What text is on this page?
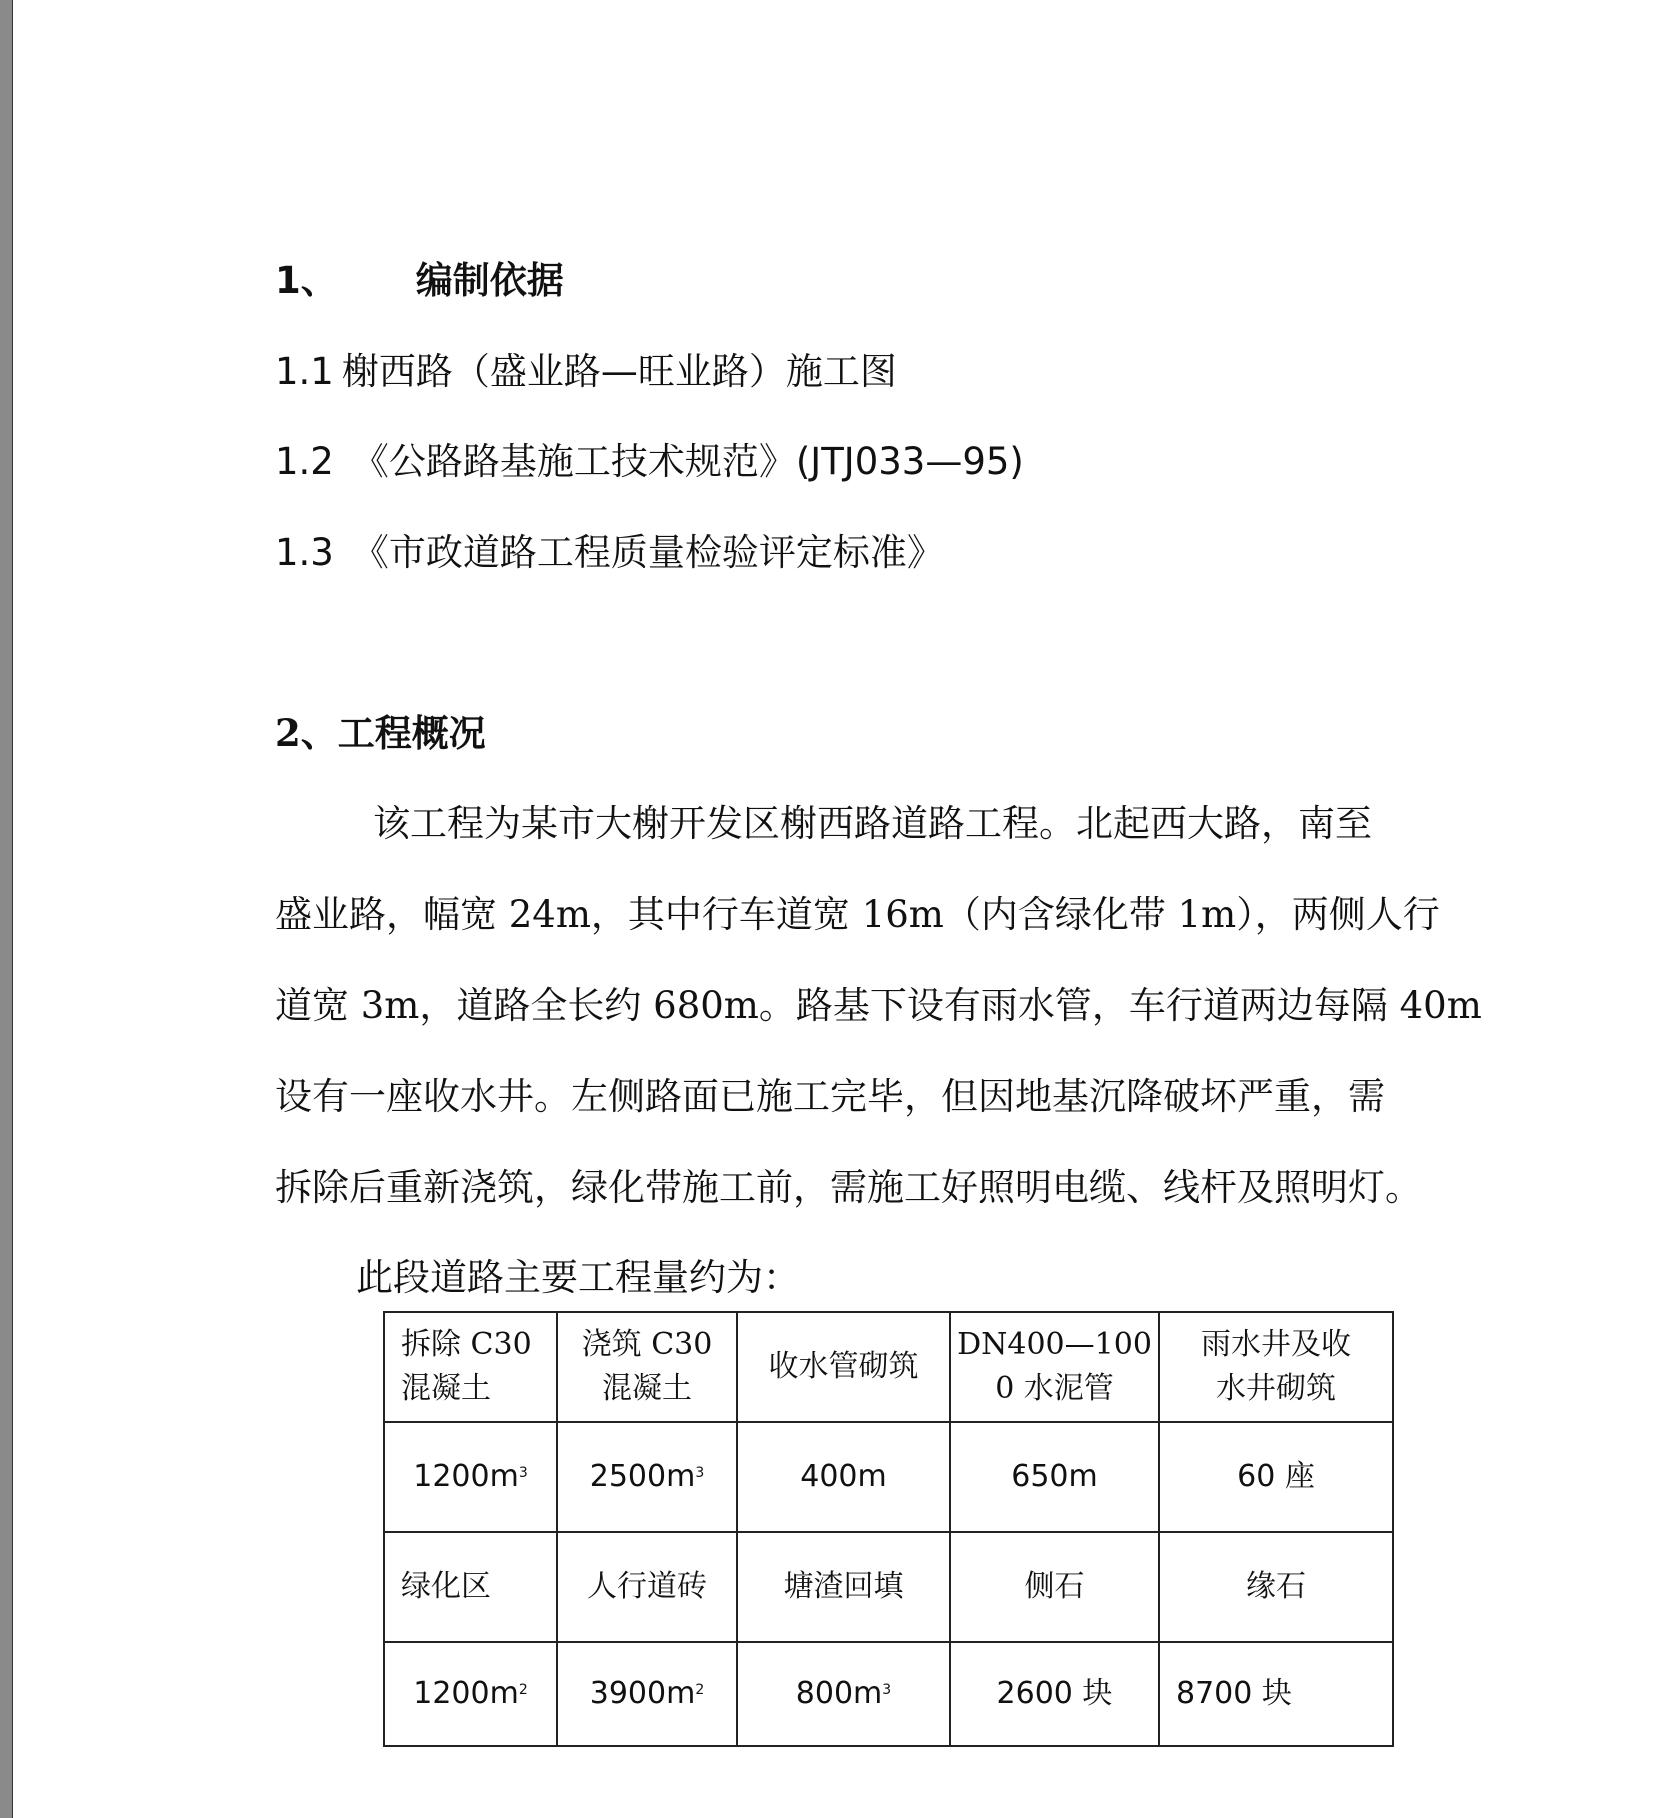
1、 编制依据
1.1 榭西路（盛业路—旺业路）施工图
1.2 《公路路基施工技术规范》(JTJ033—95)
1.3 《市政道路工程质量检验评定标准》
2、工程概况
该工程为某市大榭开发区榭西路道路工程。北起西大路，南至
盛业路，幅宽 24m，其中行车道宽 16m（内含绿化带 1m），两侧人行
道宽 3m，道路全长约 680m。路基下设有雨水管，车行道两边每隔 40m
设有一座收水井。左侧路面已施工完毕，但因地基沉降破坏严重，需
拆除后重新浇筑，绿化带施工前，需施工好照明电缆、线杆及照明灯。
此段道路主要工程量约为：
拆除 C30
混凝土	浇筑 C30
混凝土	收水管砌筑	DN400—100
0 水泥管	雨水井及收
水井砌筑
$1200m^3$	$2500m^3$	400m	650m	60 座
绿化区	人行道砖	塘渣回填	侧石	缘石
$1200m^2$	$3900m^2$	$800m^3$	2600 块	8700 块
